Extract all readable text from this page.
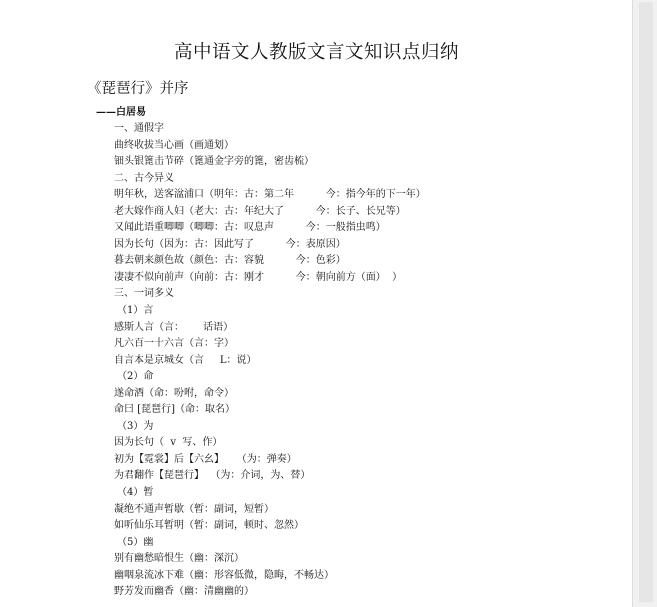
高中语文人教版文言文知识点归纳
《琵琶行》并序
——白居易
一、通假字
曲终收拔当心画（画通划）
钿头银篦击节碎（篦通金字旁的篦，密齿梳）
二、古今异义
明年秋，送客湓浦口（明年：古：第二年          今：指今年的下一年）
老大嫁作商人妇（老大：古：年纪大了          今：长子、长兄等）
又闻此语重唧唧（唧唧：古：叹息声          今：一般指虫鸣）
因为长句（因为：古：因此写了          今：表原因）
暮去朝来颜色故（颜色：古：容貌          今：色彩）
凄凄不似向前声（向前：古：刚才          今：朝向前方（面）  ）
三、一词多义
（1）言
感斯人言（言：      话语）
凡六百一十六言（言：字）
自言本是京城女（言     L：说）
（2）命
遂命酒（命：吩咐，命令）
命曰 [琵琶行]（命：取名）
（3）为
因为长句（  v  写、作）
初为【霓裳】后【六幺】    （为：弹奏）
为君翻作【琵琶行】  （为：介词，为、替）
（4）暂
凝绝不通声暂歇（暂：副词，短暂）
如听仙乐耳暂明（暂：副词，顿时、忽然）
（5）幽
别有幽愁暗恨生（幽：深沉）
幽咽泉流冰下难（幽：形容低微，隐晦，不畅达）
野芳发而幽香（幽：清幽幽的）
